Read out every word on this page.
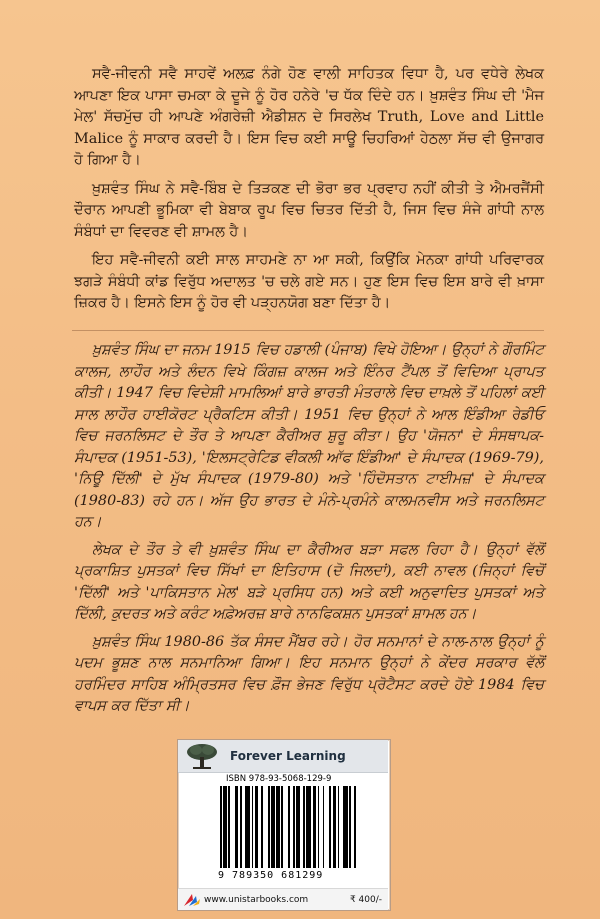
ਸਵੈ-ਜੀਵਨੀ ਸਵੈ ਸਾਹਵੇਂ ਅਲਫ਼ ਨੰਗੇ ਹੋਣ ਵਾਲੀ ਸਾਹਿਤਕ ਵਿਧਾ ਹੈ, ਪਰ ਵਧੇਰੇ ਲੇਖਕ ਆਪਣਾ ਇਕ ਪਾਸਾ ਚਮਕਾ ਕੇ ਦੂਜੇ ਨੂੰ ਹੋਰ ਹਨੇਰੇ 'ਚ ਧੱਕ ਦਿੰਦੇ ਹਨ। ਖ਼ੁਸ਼ਵੰਤ ਸਿੰਘ ਦੀ 'ਮੈਜ ਮੇਲ' ਸੱਚਮੁੱਚ ਹੀ ਆਪਣੇ ਅੰਗਰੇਜ਼ੀ ਐਡੀਸ਼ਨ ਦੇ ਸਿਰਲੇਖ Truth, Love and Little Malice ਨੂੰ ਸਾਕਾਰ ਕਰਦੀ ਹੈ। ਇਸ ਵਿਚ ਕਈ ਸਾਊ ਚਿਹਰਿਆਂ ਹੇਠਲਾ ਸੱਚ ਵੀ ਉਜਾਗਰ ਹੋ ਗਿਆ ਹੈ।

ਖ਼ੁਸ਼ਵੰਤ ਸਿੰਘ ਨੇ ਸਵੈ-ਬਿੰਬ ਦੇ ਤਿੜਕਣ ਦੀ ਭੋਰਾ ਭਰ ਪ੍ਰਵਾਹ ਨਹੀਂ ਕੀਤੀ ਤੇ ਐਮਰਜੈਂਸੀ ਦੌਰਾਨ ਆਪਣੀ ਭੂਮਿਕਾ ਵੀ ਬੇਬਾਕ ਰੂਪ ਵਿਚ ਚਿਤਰ ਦਿੱਤੀ ਹੈ, ਜਿਸ ਵਿਚ ਸੰਜੇ ਗਾਂਧੀ ਨਾਲ ਸੰਬੰਧਾਂ ਦਾ ਵਿਵਰਣ ਵੀ ਸ਼ਾਮਲ ਹੈ।

ਇਹ ਸਵੈ-ਜੀਵਨੀ ਕਈ ਸਾਲ ਸਾਹਮਣੇ ਨਾ ਆ ਸਕੀ, ਕਿਉਂਕਿ ਮੇਨਕਾ ਗਾਂਧੀ ਪਰਿਵਾਰਕ ਝਗੜੇ ਸੰਬੰਧੀ ਕਾਂਡ ਵਿਰੁੱਧ ਅਦਾਲਤ 'ਚ ਚਲੇ ਗਏ ਸਨ। ਹੁਣ ਇਸ ਵਿਚ ਇਸ ਬਾਰੇ ਵੀ ਖ਼ਾਸਾ ਜ਼ਿਕਰ ਹੈ। ਇਸਨੇ ਇਸ ਨੂੰ ਹੋਰ ਵੀ ਪੜ੍ਹਨਯੋਗ ਬਣਾ ਦਿੱਤਾ ਹੈ।

ਖ਼ੁਸ਼ਵੰਤ ਸਿੰਘ ਦਾ ਜਨਮ 1915 ਵਿਚ ਹਡਾਲੀ (ਪੰਜਾਬ) ਵਿਖੇ ਹੋਇਆ। ਉਨ੍ਹਾਂ ਨੇ ਗੌਰਮਿੰਟ ਕਾਲਜ, ਲਾਹੌਰ ਅਤੇ ਲੰਦਨ ਵਿਖੇ ਕਿੰਗਜ਼ ਕਾਲਜ ਅਤੇ ਇੰਨਰ ਟੈਂਪਲ ਤੋਂ ਵਿਦਿਆ ਪ੍ਰਾਪਤ ਕੀਤੀ। 1947 ਵਿਚ ਵਿਦੇਸ਼ੀ ਮਾਮਲਿਆਂ ਬਾਰੇ ਭਾਰਤੀ ਮੰਤਰਾਲੇ ਵਿਚ ਦਾਖ਼ਲੇ ਤੋਂ ਪਹਿਲਾਂ ਕਈ ਸਾਲ ਲਾਹੌਰ ਹਾਈਕੋਰਟ ਪ੍ਰੈਕਟਿਸ ਕੀਤੀ। 1951 ਵਿਚ ਉਨ੍ਹਾਂ ਨੇ ਆਲ ਇੰਡੀਆ ਰੇਡੀਓ ਵਿਚ ਜਰਨਲਿਸਟ ਦੇ ਤੌਰ ਤੇ ਆਪਣਾ ਕੈਰੀਅਰ ਸ਼ੁਰੂ ਕੀਤਾ। ਉਹ 'ਯੋਜਨਾ' ਦੇ ਸੰਸਥਾਪਕ-ਸੰਪਾਦਕ (1951-53), 'ਇਲਸਟ੍ਰੇਟਿਡ ਵੀਕਲੀ ਆੱਫ ਇੰਡੀਆ' ਦੇ ਸੰਪਾਦਕ (1969-79), 'ਨਿਊ ਦਿੱਲੀ' ਦੇ ਮੁੱਖ ਸੰਪਾਦਕ (1979-80) ਅਤੇ 'ਹਿੰਦੋਸਤਾਨ ਟਾਈਮਜ਼' ਦੇ ਸੰਪਾਦਕ (1980-83) ਰਹੇ ਹਨ। ਅੱਜ ਉਹ ਭਾਰਤ ਦੇ ਮੰਨੇ-ਪ੍ਰਮੰਨੇ ਕਾਲਮਨਵੀਸ ਅਤੇ ਜਰਨਲਿਸਟ ਹਨ।

ਲੇਖਕ ਦੇ ਤੌਰ ਤੇ ਵੀ ਖ਼ੁਸ਼ਵੰਤ ਸਿੰਘ ਦਾ ਕੈਰੀਅਰ ਬੜਾ ਸਫਲ ਰਿਹਾ ਹੈ। ਉਨ੍ਹਾਂ ਵੱਲੋਂ ਪ੍ਰਕਾਸ਼ਿਤ ਪੁਸਤਕਾਂ ਵਿਚ ਸਿੱਖਾਂ ਦਾ ਇਤਿਹਾਸ (ਦੋ ਜਿਲਦਾਂ), ਕਈ ਨਾਵਲ (ਜਿਨ੍ਹਾਂ ਵਿਚੋਂ 'ਦਿੱਲੀ' ਅਤੇ 'ਪਾਕਿਸਤਾਨ ਮੇਲ' ਬੜੇ ਪ੍ਰਸਿਧ ਹਨ) ਅਤੇ ਕਈ ਅਨੁਵਾਦਿਤ ਪੁਸਤਕਾਂ ਅਤੇ ਦਿੱਲੀ, ਕੁਦਰਤ ਅਤੇ ਕਰੰਟ ਅਫ਼ੇਅਰਜ਼ ਬਾਰੇ ਨਾਨਫਿਕਸ਼ਨ ਪੁਸਤਕਾਂ ਸ਼ਾਮਲ ਹਨ।

ਖ਼ੁਸ਼ਵੰਤ ਸਿੰਘ 1980-86 ਤੱਕ ਸੰਸਦ ਮੈਂਬਰ ਰਹੇ। ਹੋਰ ਸਨਮਾਨਾਂ ਦੇ ਨਾਲ-ਨਾਲ ਉਨ੍ਹਾਂ ਨੂੰ ਪਦਮ ਭੂਸ਼ਣ ਨਾਲ ਸਨਮਾਨਿਆ ਗਿਆ। ਇਹ ਸਨਮਾਨ ਉਨ੍ਹਾਂ ਨੇ ਕੇਂਦਰ ਸਰਕਾਰ ਵੱਲੋਂ ਹਰਮਿੰਦਰ ਸਾਹਿਬ ਅੰਮ੍ਰਿਤਸਰ ਵਿਚ ਫ਼ੌਜ ਭੇਜਣ ਵਿਰੁੱਧ ਪ੍ਰੋਟੈਸਟ ਕਰਦੇ ਹੋਏ 1984 ਵਿਚ ਵਾਪਸ ਕਰ ਦਿੱਤਾ ਸੀ।

Forever Learning
ISBN 978-93-5068-129-9
9 789350 681299
www.unistarbooks.com	₹ 400/-
